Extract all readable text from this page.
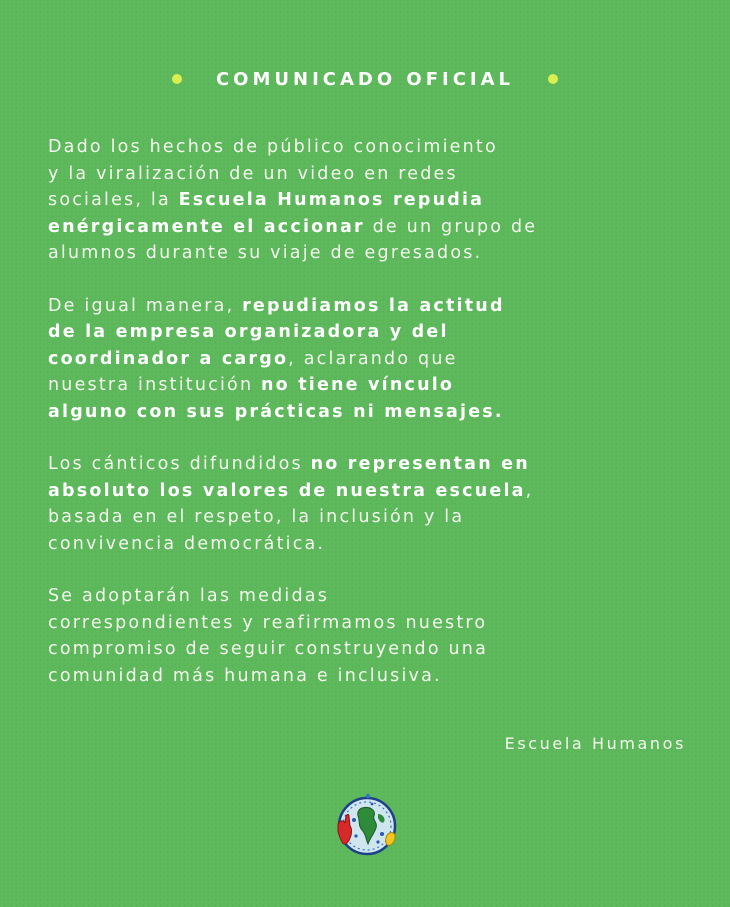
COMUNICADO OFICIAL

Dado los hechos de público conocimiento
y la viralización de un video en redes
sociales, la Escuela Humanos repudia
enérgicamente el accionar de un grupo de
alumnos durante su viaje de egresados.

De igual manera, repudiamos la actitud
de la empresa organizadora y del
coordinador a cargo, aclarando que
nuestra institución no tiene vínculo
alguno con sus prácticas ni mensajes.

Los cánticos difundidos no representan en
absoluto los valores de nuestra escuela,
basada en el respeto, la inclusión y la
convivencia democrática.

Se adoptarán las medidas
correspondientes y reafirmamos nuestro
compromiso de seguir construyendo una
comunidad más humana e inclusiva.

Escuela Humanos
